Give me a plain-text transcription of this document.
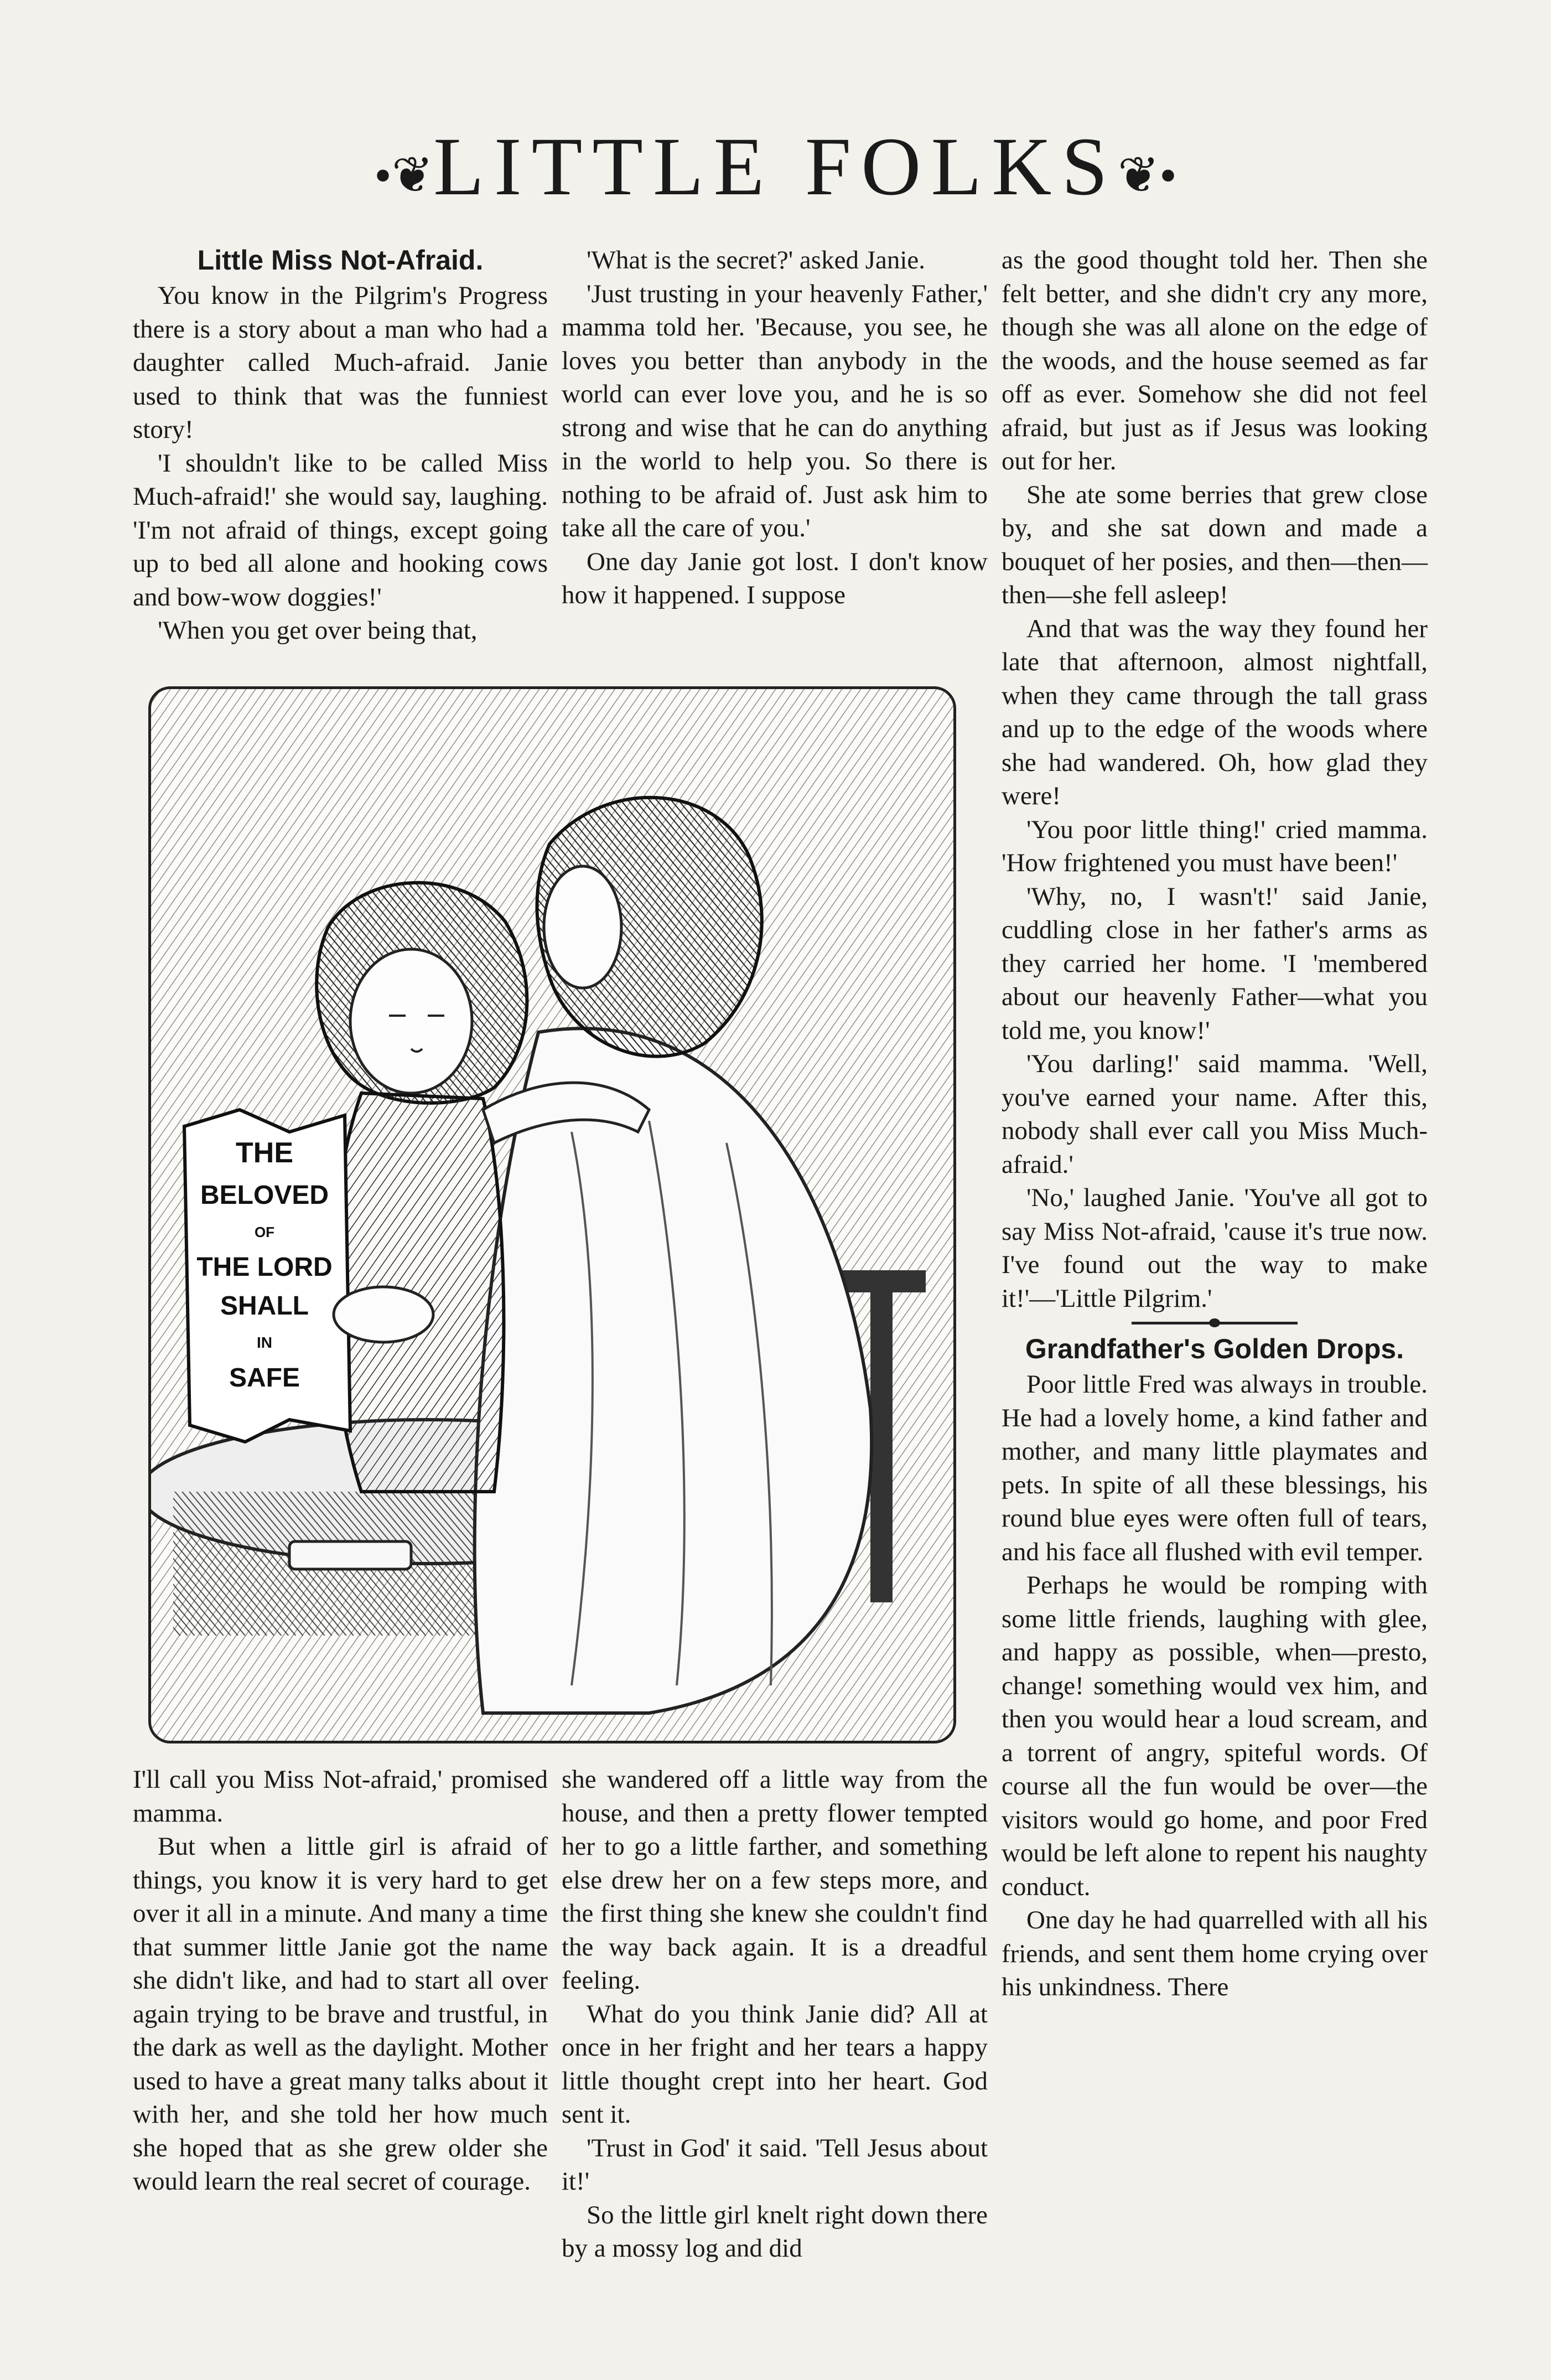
•❦LITTLE FOLKS❦•
Little Miss Not-Afraid.

You know in the Pilgrim's Progress there is a story about a man who had a daughter called Much-afraid. Janie used to think that was the funniest story!

'I shouldn't like to be called Miss Much-afraid!' she would say, laughing. 'I'm not afraid of things, except going up to bed all alone and hooking cows and bow-wow doggies!'

'When you get over being that,

'What is the secret?' asked Janie.

'Just trusting in your heavenly Father,' mamma told her. 'Because, you see, he loves you better than anybody in the world can ever love you, and he is so strong and wise that he can do anything in the world to help you. So there is nothing to be afraid of. Just ask him to take all the care of you.'

One day Janie got lost. I don't know how it happened. I suppose

THE
BELOVED
OF
THE LORD
SHALL
IN
SAFE

I'll call you Miss Not-afraid,' promised mamma.

But when a little girl is afraid of things, you know it is very hard to get over it all in a minute. And many a time that summer little Janie got the name she didn't like, and had to start all over again trying to be brave and trustful, in the dark as well as the daylight. Mother used to have a great many talks about it with her, and she told her how much she hoped that as she grew older she would learn the real secret of courage.

she wandered off a little way from the house, and then a pretty flower tempted her to go a little farther, and something else drew her on a few steps more, and the first thing she knew she couldn't find the way back again. It is a dreadful feeling.

What do you think Janie did? All at once in her fright and her tears a happy little thought crept into her heart. God sent it.

'Trust in God' it said. 'Tell Jesus about it!'

So the little girl knelt right down there by a mossy log and did

as the good thought told her. Then she felt better, and she didn't cry any more, though she was all alone on the edge of the woods, and the house seemed as far off as ever. Somehow she did not feel afraid, but just as if Jesus was looking out for her.

She ate some berries that grew close by, and she sat down and made a bouquet of her posies, and then—then—then—she fell asleep!

And that was the way they found her late that afternoon, almost nightfall, when they came through the tall grass and up to the edge of the woods where she had wandered. Oh, how glad they were!

'You poor little thing!' cried mamma. 'How frightened you must have been!'

'Why, no, I wasn't!' said Janie, cuddling close in her father's arms as they carried her home. 'I 'membered about our heavenly Father—what you told me, you know!'

'You darling!' said mamma. 'Well, you've earned your name. After this, nobody shall ever call you Miss Much-afraid.'

'No,' laughed Janie. 'You've all got to say Miss Not-afraid, 'cause it's true now. I've found out the way to make it!'—'Little Pilgrim.'

Grandfather's Golden Drops.

Poor little Fred was always in trouble. He had a lovely home, a kind father and mother, and many little playmates and pets. In spite of all these blessings, his round blue eyes were often full of tears, and his face all flushed with evil temper.

Perhaps he would be romping with some little friends, laughing with glee, and happy as possible, when—presto, change! something would vex him, and then you would hear a loud scream, and a torrent of angry, spiteful words. Of course all the fun would be over—the visitors would go home, and poor Fred would be left alone to repent his naughty conduct.

One day he had quarrelled with all his friends, and sent them home crying over his unkindness. There
